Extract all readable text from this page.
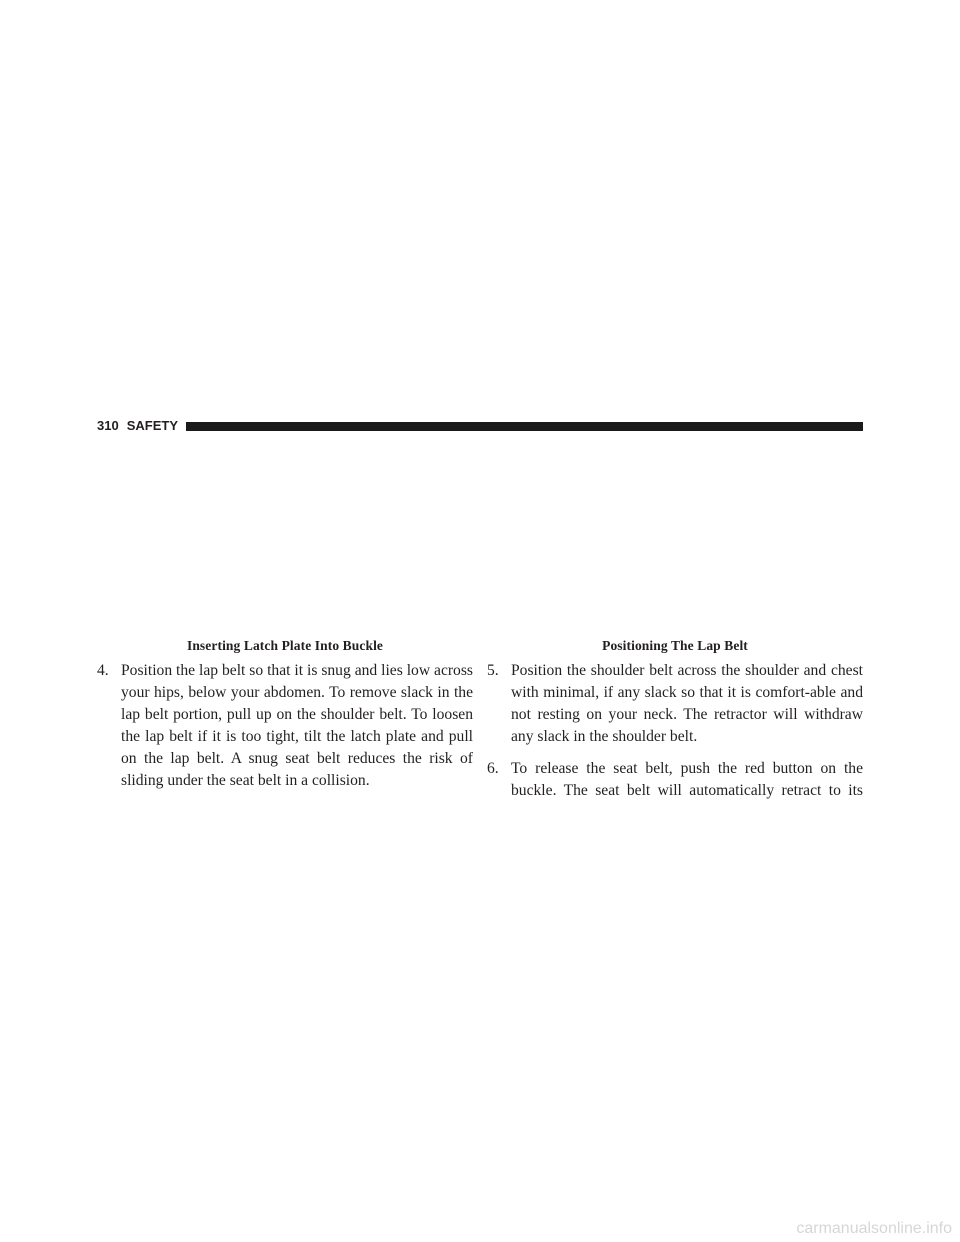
310 SAFETY
Inserting Latch Plate Into Buckle	Positioning The Lap Belt

4. Position the lap belt so that it is snug and lies low across your hips, below your abdomen. To remove slack in the lap belt portion, pull up on the shoulder belt. To loosen the lap belt if it is too tight, tilt the latch plate and pull on the lap belt. A snug seat belt reduces the risk of sliding under the seat belt in a collision.

5. Position the shoulder belt across the shoulder and chest with minimal, if any slack so that it is comfort-able and not resting on your neck. The retractor will withdraw any slack in the shoulder belt.

6. To release the seat belt, push the red button on the buckle. The seat belt will automatically retract to its

carmanualsonline.info
